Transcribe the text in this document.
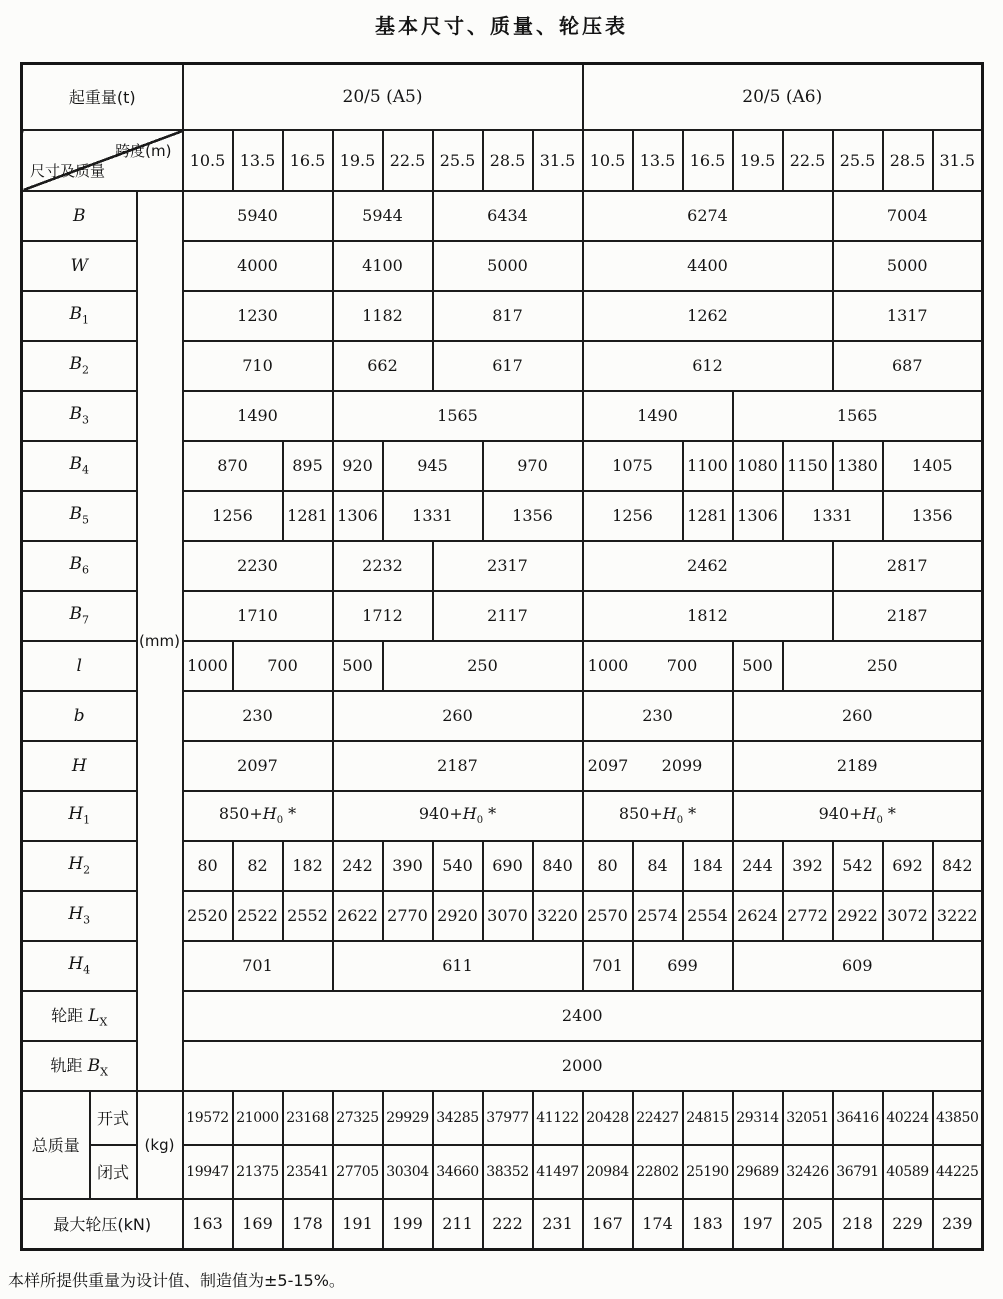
基本尺寸、质量、轮压表
起重量(t)			20/5 (A5)								20/5 (A6)							

跨度(m)
尺寸及质量			10.5	13.5	16.5	19.5	22.5	25.5	28.5	31.5	10.5	13.5	16.5	19.5	22.5	25.5	28.5	31.5
B		(mm)	5940			5944		6434			6274					7004		
W			4000			4100		5000			4400					5000		
$B_1$			1230			1182		817			1262					1317		
$B_2$			710			662		617			612					687		
$B_3$			1490			1565					1490			1565				
$B_4$			870		895	920	945		970		1075		1100	1080	1150	1380	1405	
$B_5$			1256		1281	1306	1331		1356		1256		1281	1306	1331		1356	
$B_6$			2230			2232		2317			2462					2817		
$B_7$			1710			1712		2117			1812					2187		
l			1000	700		500	250				1000	700		500	250			
b			230			260					230			260				
H			2097			2187					2097	2099		2189				
$H_1$			$850+H_0$ *			$940+H_0$ *					$850+H_0$ *			$940+H_0$ *				
$H_2$			80	82	182	242	390	540	690	840	80	84	184	244	392	542	692	842
$H_3$			2520	2522	2552	2622	2770	2920	3070	3220	2570	2574	2554	2624	2772	2922	3072	3222
$H_4$			701			611					701	699		609				
轮距 $L_X$			2400															
轨距 $B_X$			2000															
总质量	开式	(kg)	19572	21000	23168	27325	29929	34285	37977	41122	20428	22427	24815	29314	32051	36416	40224	43850
	闭式		19947	21375	23541	27705	30304	34660	38352	41497	20984	22802	25190	29689	32426	36791	40589	44225
最大轮压(kN)			163	169	178	191	199	211	222	231	167	174	183	197	205	218	229	239
本样所提供重量为设计值、制造值为±5-15%。
